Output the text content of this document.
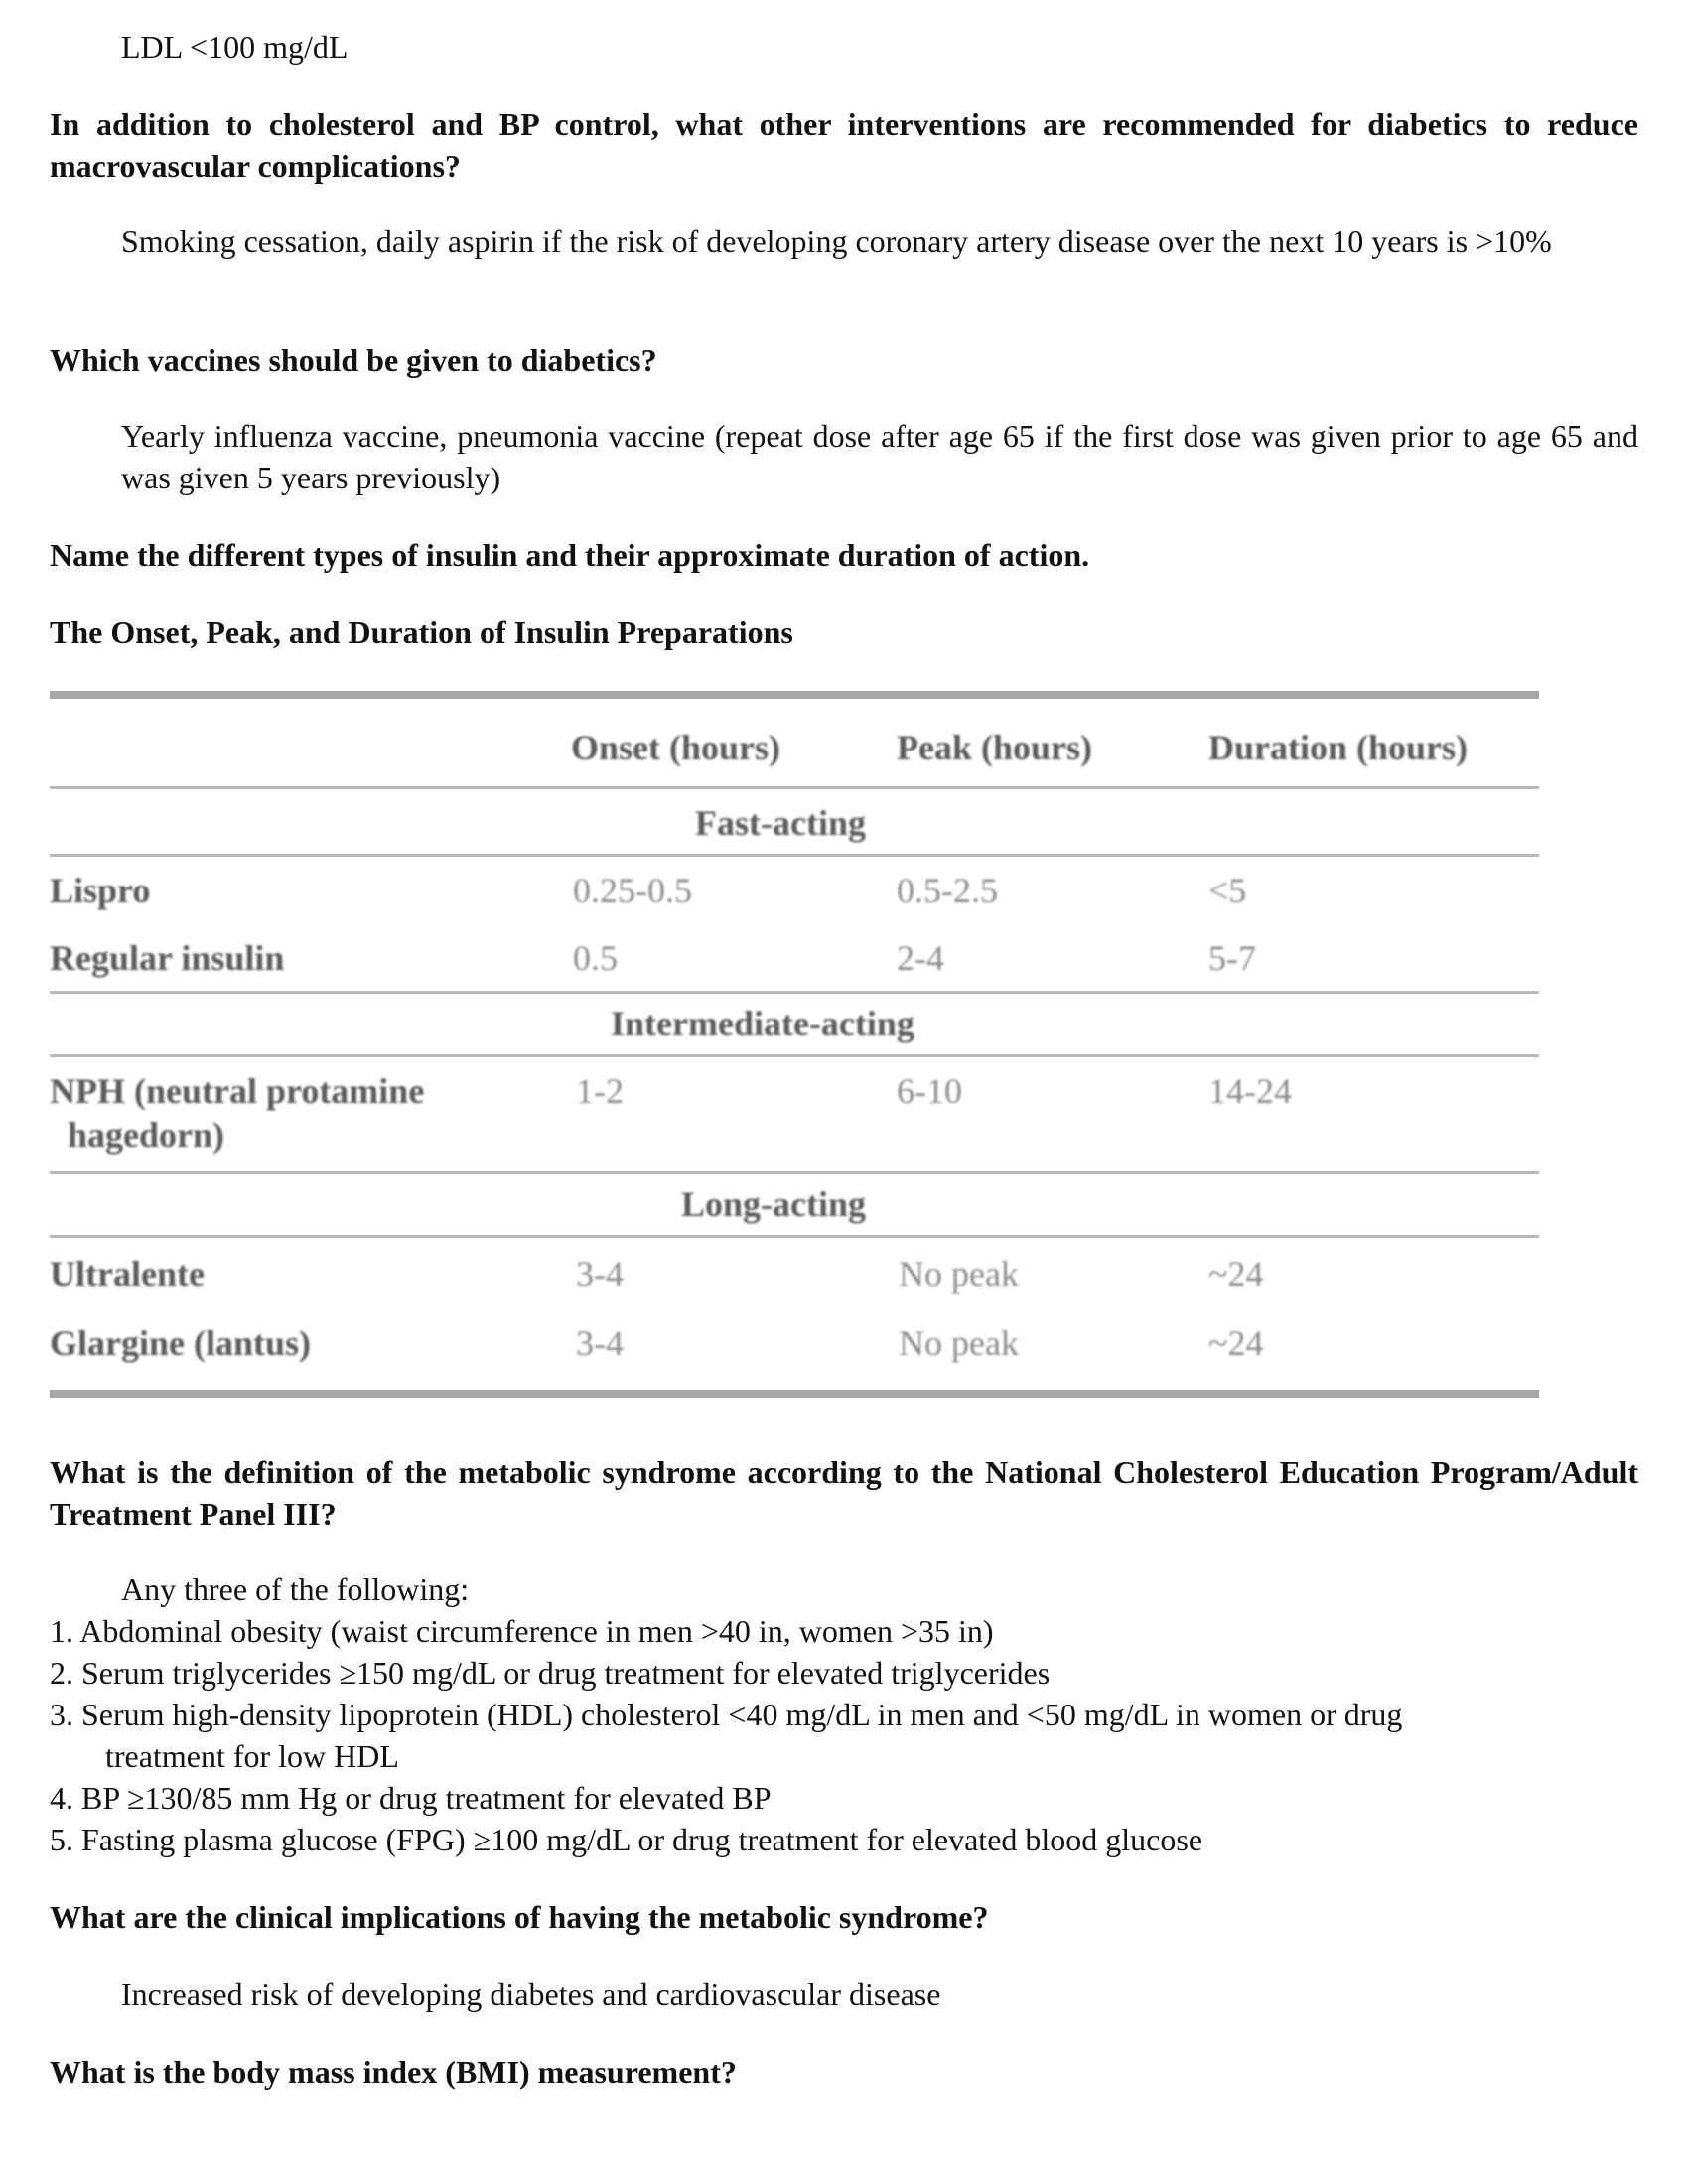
LDL <100 mg/dL

In addition to cholesterol and BP control, what other interventions are recommended for diabetics to reduce macrovascular complications?

Smoking cessation, daily aspirin if the risk of developing coronary artery disease over the next 10 years is >10%

Which vaccines should be given to diabetics?

Yearly influenza vaccine, pneumonia vaccine (repeat dose after age 65 if the first dose was given prior to age 65 and was given 5 years previously)

Name the different types of insulin and their approximate duration of action.

The Onset, Peak, and Duration of Insulin Preparations

Onset (hours)	Peak (hours)	Duration (hours)
Fast-acting
Lispro	0.25-0.5	0.5-2.5	<5
Regular insulin	0.5	2-4	5-7
Intermediate-acting
NPH (neutral protamine
hagedorn)
1-2	6-10	14-24
Long-acting
Ultralente	3-4	No peak	~24
Glargine (lantus)	3-4	No peak	~24

What is the definition of the metabolic syndrome according to the National Cholesterol Education Program/Adult Treatment Panel III?

Any three of the following:

1. Abdominal obesity (waist circumference in men >40 in, women >35 in)

2. Serum triglycerides ≥150 mg/dL or drug treatment for elevated triglycerides

3. Serum high-density lipoprotein (HDL) cholesterol <40 mg/dL in men and <50 mg/dL in women or drug

treatment for low HDL

4. BP ≥130/85 mm Hg or drug treatment for elevated BP

5. Fasting plasma glucose (FPG) ≥100 mg/dL or drug treatment for elevated blood glucose

What are the clinical implications of having the metabolic syndrome?

Increased risk of developing diabetes and cardiovascular disease

What is the body mass index (BMI) measurement?
